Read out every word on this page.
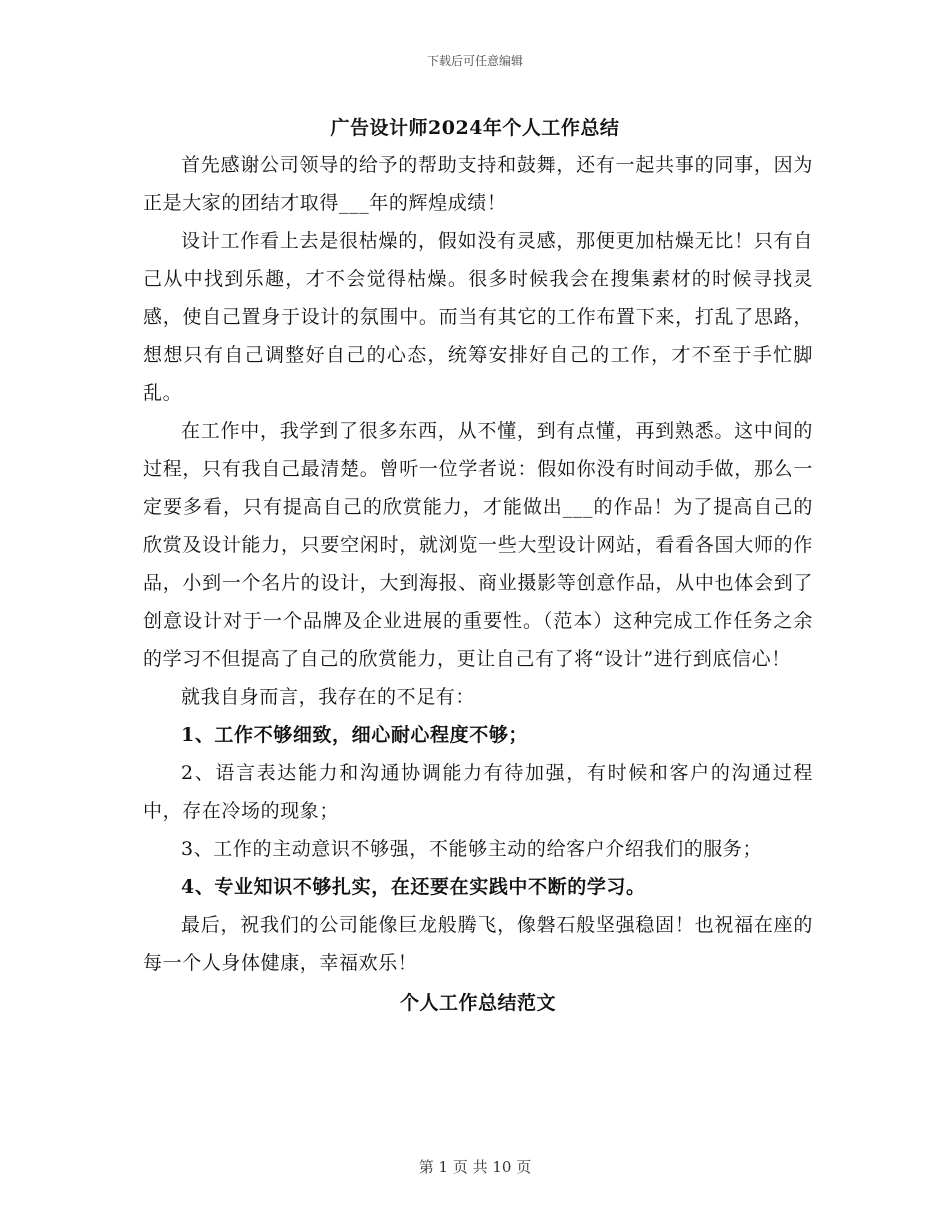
下载后可任意编辑
广告设计师2024年个人工作总结

首先感谢公司领导的给予的帮助支持和鼓舞，还有一起共事的同事，因为正是大家的团结才取得___年的辉煌成绩！

设计工作看上去是很枯燥的，假如没有灵感，那便更加枯燥无比！只有自己从中找到乐趣，才不会觉得枯燥。很多时候我会在搜集素材的时候寻找灵感，使自己置身于设计的氛围中。而当有其它的工作布置下来，打乱了思路，想想只有自己调整好自己的心态，统筹安排好自己的工作，才不至于手忙脚乱。

在工作中，我学到了很多东西，从不懂，到有点懂，再到熟悉。这中间的过程，只有我自己最清楚。曾听一位学者说：假如你没有时间动手做，那么一定要多看，只有提高自己的欣赏能力，才能做出___的作品！为了提高自己的欣赏及设计能力，只要空闲时，就浏览一些大型设计网站，看看各国大师的作品，小到一个名片的设计，大到海报、商业摄影等创意作品，从中也体会到了创意设计对于一个品牌及企业进展的重要性。（范本）这种完成工作任务之余的学习不但提高了自己的欣赏能力，更让自己有了将“设计”进行到底信心！

就我自身而言，我存在的不足有：

1、工作不够细致，细心耐心程度不够；

2、语言表达能力和沟通协调能力有待加强，有时候和客户的沟通过程中，存在冷场的现象；

3、工作的主动意识不够强，不能够主动的给客户介绍我们的服务；

4、专业知识不够扎实，在还要在实践中不断的学习。

最后，祝我们的公司能像巨龙般腾飞，像磐石般坚强稳固！也祝福在座的每一个人身体健康，幸福欢乐！

个人工作总结范文
第 1 页 共 10 页
